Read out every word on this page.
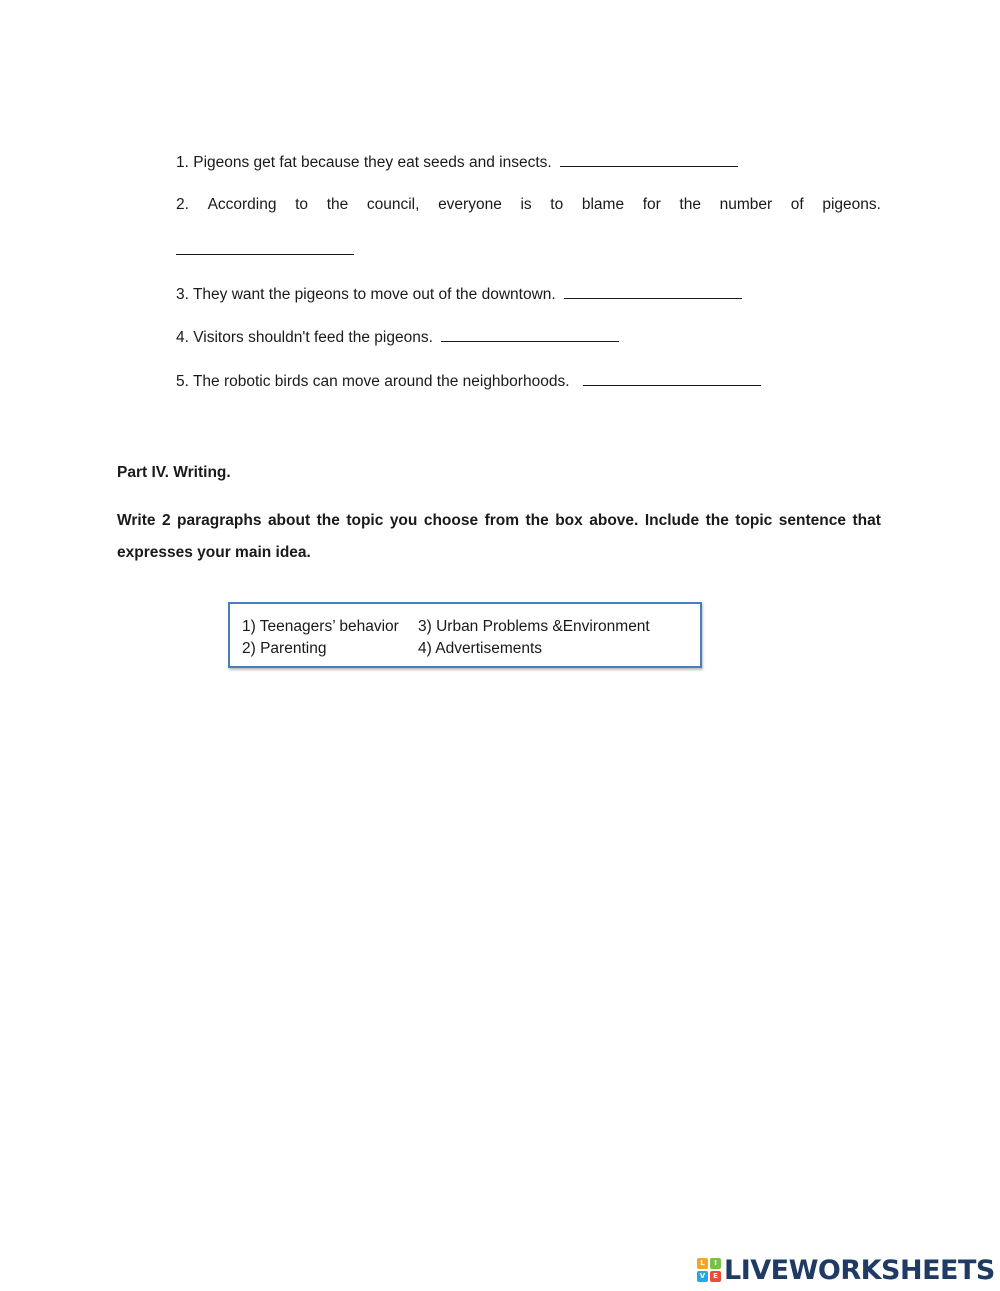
1. Pigeons get fat because they eat seeds and insects.
2. According to the council, everyone is to blame for the number of pigeons.
3. They want the pigeons to move out of the downtown.
4. Visitors shouldn't feed the pigeons.
5. The robotic birds can move around the neighborhoods.
Part IV. Writing.
Write 2 paragraphs about the topic you choose from the box above. Include the topic sentence that
expresses your main idea.
1) Teenagers’ behavior 3) Urban Problems &Environment
2) Parenting	4) Advertisements
L	I
V	E LIVEWORKSHEETS
